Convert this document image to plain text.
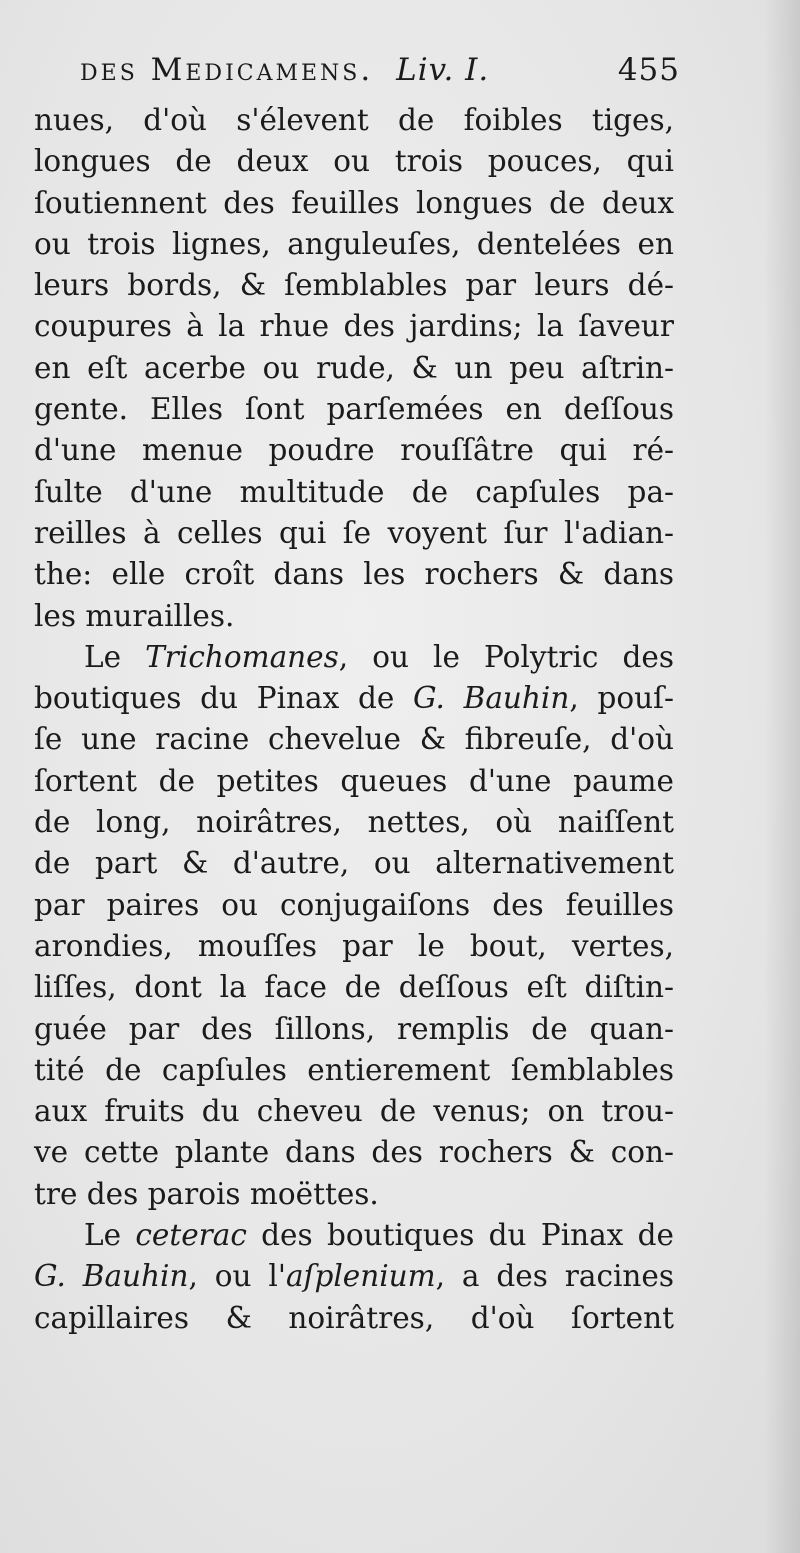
des Medicamens. Liv. I.	455
nues, d'où s'élevent de foibles tiges,
longues de deux ou trois pouces, qui
ſoutiennent des feuilles longues de deux
ou trois lignes, anguleuſes, dentelées en
leurs bords, & ſemblables par leurs dé-
coupures à la rhue des jardins; la ſaveur
en eſt acerbe ou rude, & un peu aſtrin-
gente. Elles ſont parſemées en deſſous
d'une menue poudre rouſſâtre qui ré-
ſulte d'une multitude de capſules pa-
reilles à celles qui ſe voyent ſur l'adian-
the: elle croît dans les rochers & dans
les murailles.
Le Trichomanes, ou le Polytric des
boutiques du Pinax de G. Bauhin, pouſ-
ſe une racine chevelue & fibreuſe, d'où
ſortent de petites queues d'une paume
de long, noirâtres, nettes, où naiſſent
de part & d'autre, ou alternativement
par paires ou conjugaiſons des feuilles
arondies, mouſſes par le bout, vertes,
liſſes, dont la face de deſſous eſt diſtin-
guée par des ſillons, remplis de quan-
tité de capſules entierement ſemblables
aux fruits du cheveu de venus; on trou-
ve cette plante dans des rochers & con-
tre des parois moëttes.
Le ceterac des boutiques du Pinax de
G. Bauhin, ou l'aſplenium, a des racines
capillaires & noirâtres, d'où ſortent
